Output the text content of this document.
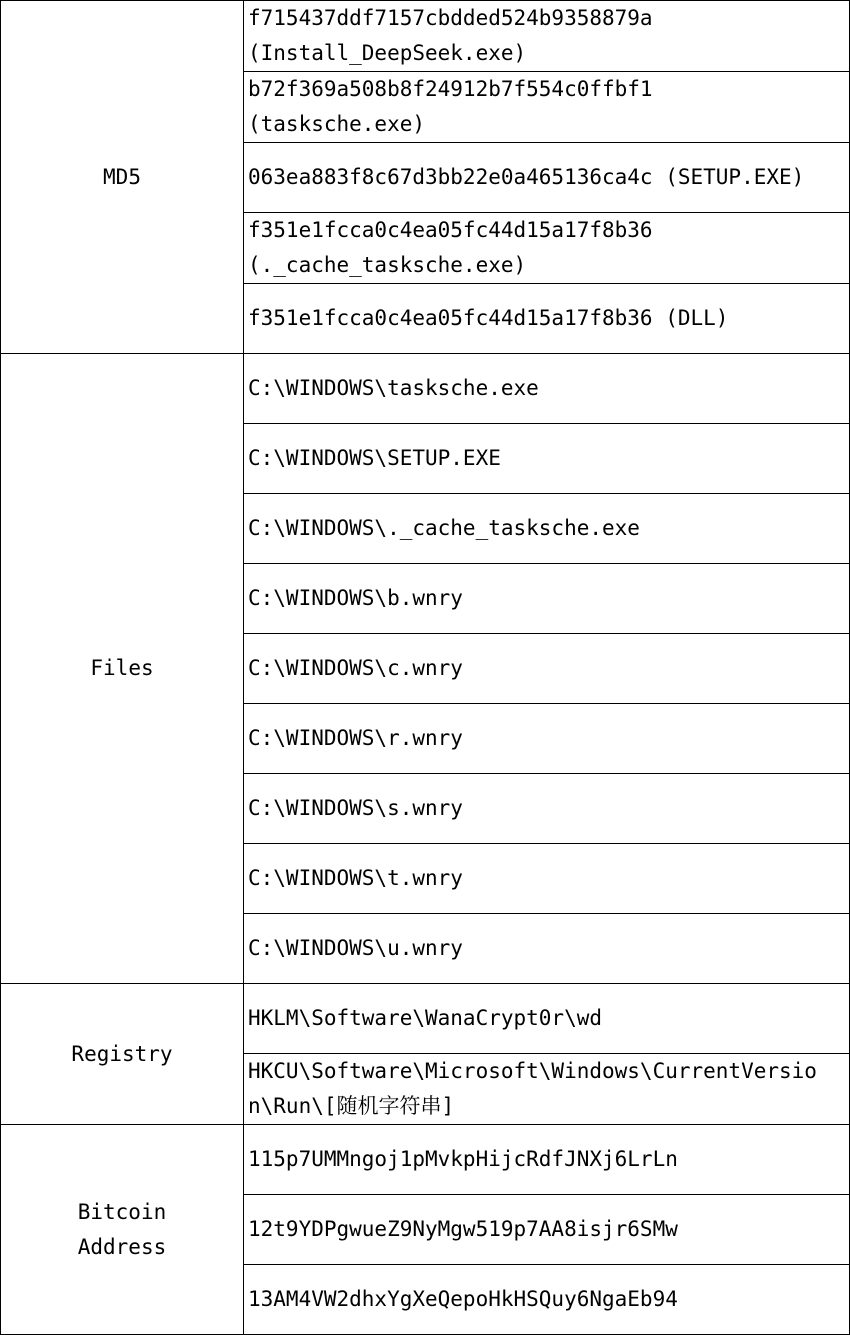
MD5	f715437ddf7157cbdded524b9358879a
(Install_DeepSeek.exe)

	b72f369a508b8f24912b7f554c0ffbf1
(tasksche.exe)

	063ea883f8c67d3bb22e0a465136ca4c (SETUP.EXE)

	f351e1fcca0c4ea05fc44d15a17f8b36
(._cache_tasksche.exe)

	f351e1fcca0c4ea05fc44d15a17f8b36 (DLL)

Files	C:\WINDOWS\tasksche.exe
	C:\WINDOWS\SETUP.EXE
	C:\WINDOWS\._cache_tasksche.exe
	C:\WINDOWS\b.wnry
	C:\WINDOWS\c.wnry
	C:\WINDOWS\r.wnry
	C:\WINDOWS\s.wnry
	C:\WINDOWS\t.wnry
	C:\WINDOWS\u.wnry
Registry	HKLM\Software\WanaCrypt0r\wd

	HKCU\Software\Microsoft\Windows\CurrentVersio
n\Run\[随机字符串]

Bitcoin
Address	115p7UMMngoj1pMvkpHijcRdfJNXj6LrLn
	12t9YDPgwueZ9NyMgw519p7AA8isjr6SMw
	13AM4VW2dhxYgXeQepoHkHSQuy6NgaEb94
